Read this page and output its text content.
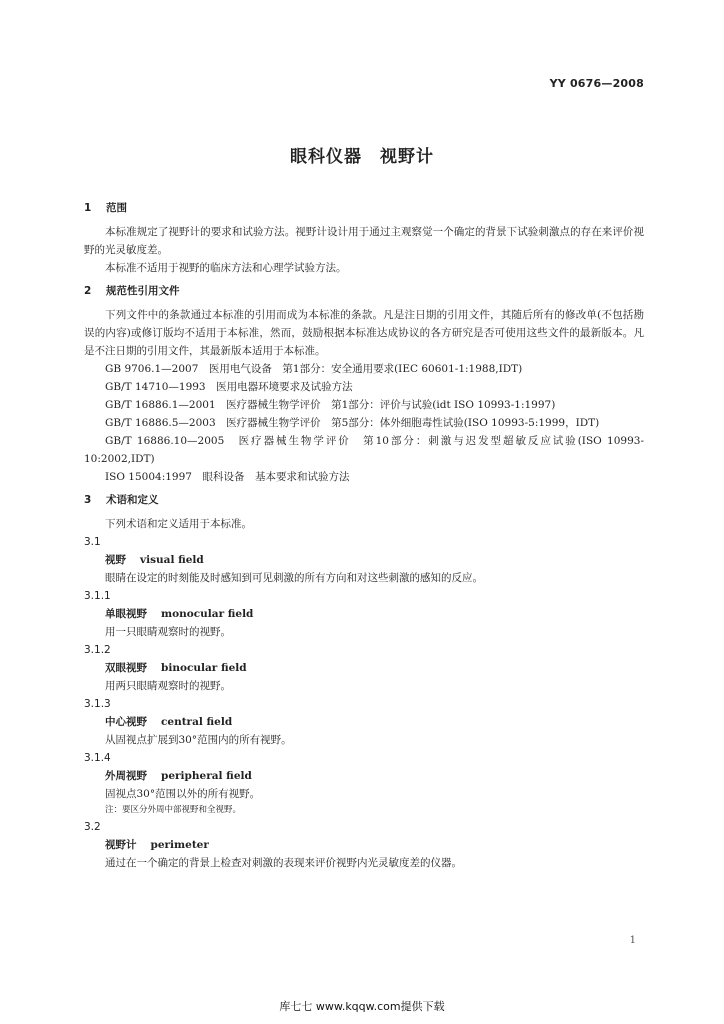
YY 0676—2008
眼科仪器　视野计
1 范围

本标准规定了视野计的要求和试验方法。视野计设计用于通过主观察觉一个确定的背景下试验刺激点的存在来评价视野的光灵敏度差。

本标准不适用于视野的临床方法和心理学试验方法。

2 规范性引用文件

下列文件中的条款通过本标准的引用而成为本标准的条款。凡是注日期的引用文件，其随后所有的修改单(不包括勘误的内容)或修订版均不适用于本标准，然而，鼓励根据本标准达成协议的各方研究是否可使用这些文件的最新版本。凡是不注日期的引用文件，其最新版本适用于本标准。

GB 9706.1—2007　医用电气设备　第1部分：安全通用要求(IEC 60601-1:1988,IDT)

GB/T 14710—1993　医用电器环境要求及试验方法

GB/T 16886.1—2001　医疗器械生物学评价　第1部分：评价与试验(idt ISO 10993-1:1997)

GB/T 16886.5—2003　医疗器械生物学评价　第5部分：体外细胞毒性试验(ISO 10993-5:1999，IDT)

GB/T 16886.10—2005　医疗器械生物学评价　第10部分：刺激与迟发型超敏反应试验(ISO 10993-10:2002,IDT)

ISO 15004:1997　眼科设备　基本要求和试验方法

3 术语和定义

下列术语和定义适用于本标准。

3.1

视野 visual field

眼睛在设定的时刻能及时感知到可见刺激的所有方向和对这些刺激的感知的反应。

3.1.1

单眼视野 monocular field

用一只眼睛观察时的视野。

3.1.2

双眼视野 binocular field

用两只眼睛观察时的视野。

3.1.3

中心视野 central field

从固视点扩展到30°范围内的所有视野。

3.1.4

外周视野 peripheral field

固视点30°范围以外的所有视野。

注：要区分外周中部视野和全视野。

3.2

视野计 perimeter

通过在一个确定的背景上检查对刺激的表现来评价视野内光灵敏度差的仪器。

1
库七七 www.kqqw.com提供下载
